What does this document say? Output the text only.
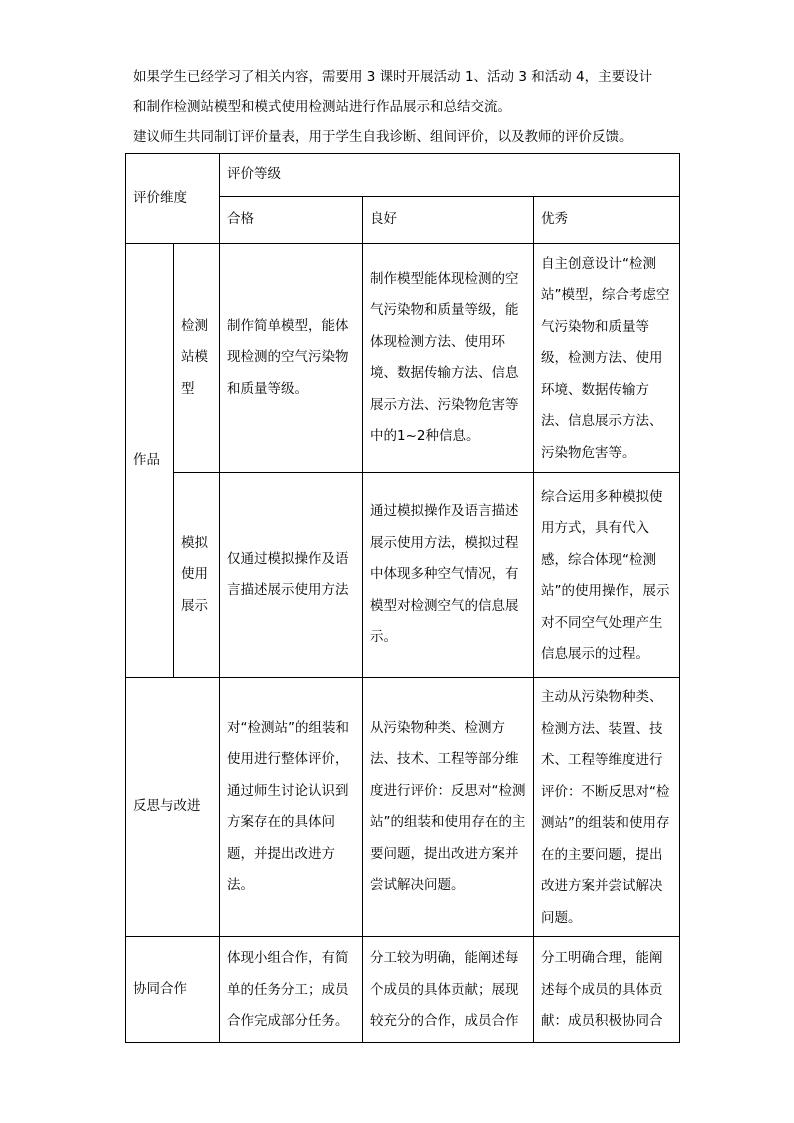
如果学生已经学习了相关内容，需要用 3 课时开展活动 1、活动 3 和活动 4，主要设计
和制作检测站模型和模式使用检测站进行作品展示和总结交流。
建议师生共同制订评价量表，用于学生自我诊断、组间评价，以及教师的评价反馈。
评价维度		评价等级		

		合格	良好	优秀

作品	检测站模型	制作简单模型，能体现检测的空气污染物和质量等级。	制作模型能体现检测的空气污染物和质量等级，能体现检测方法、使用环境、数据传输方法、信息展示方法、污染物危害等中的1~2种信息。	自主创意设计“检测站”模型，综合考虑空气污染物和质量等级，检测方法、使用环境、数据传输方法、信息展示方法、污染物危害等。

	模拟使用展示	仅通过模拟操作及语言描述展示使用方法	通过模拟操作及语言描述展示使用方法，模拟过程中体现多种空气情况，有模型对检测空气的信息展示。	综合运用多种模拟使用方式，具有代入感，综合体现“检测站”的使用操作，展示对不同空气处理产生信息展示的过程。

反思与改进		对“检测站”的组装和使用进行整体评价，通过师生讨论认识到方案存在的具体问题，并提出改进方法。	从污染物种类、检测方法、技术、工程等部分维度进行评价：反思对“检测站”的组装和使用存在的主要问题，提出改进方案并尝试解决问题。	主动从污染物种类、检测方法、装置、技术、工程等维度进行评价：不断反思对“检测站”的组装和使用存在的主要问题，提出改进方案并尝试解决问题。

协同合作		体现小组合作，有简单的任务分工；成员合作完成部分任务。	分工较为明确，能阐述每个成员的具体贡献；展现较充分的合作，成员合作	分工明确合理，能阐述每个成员的具体贡献：成员积极协同合
